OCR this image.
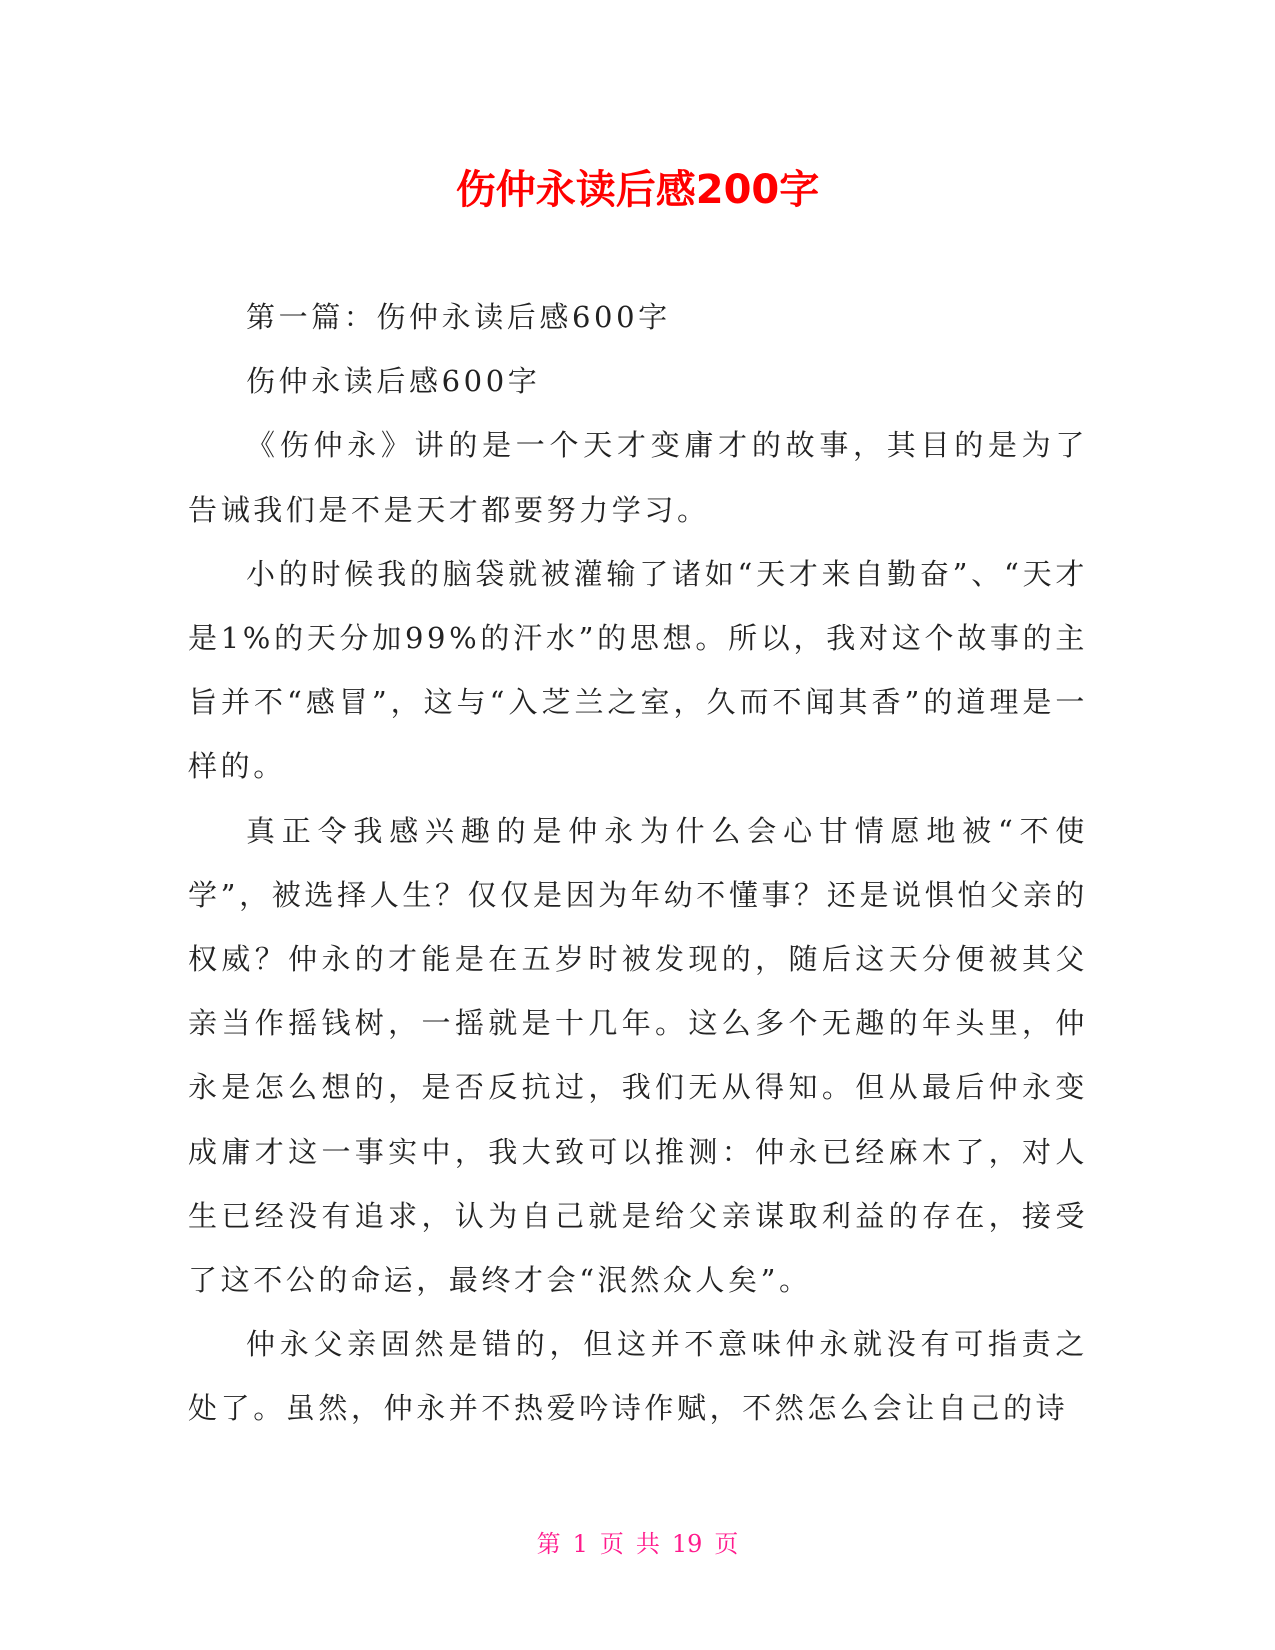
伤仲永读后感200字

第一篇：伤仲永读后感600字

伤仲永读后感600字

《伤仲永》讲的是一个天才变庸才的故事，其目的是为了告诫我们是不是天才都要努力学习。

小的时候我的脑袋就被灌输了诸如“天才来自勤奋”、“天才是1%的天分加99%的汗水”的思想。所以，我对这个故事的主旨并不“感冒”，这与“入芝兰之室，久而不闻其香”的道理是一样的。

真正令我感兴趣的是仲永为什么会心甘情愿地被“不使学”，被选择人生？仅仅是因为年幼不懂事？还是说惧怕父亲的权威？仲永的才能是在五岁时被发现的，随后这天分便被其父亲当作摇钱树，一摇就是十几年。这么多个无趣的年头里，仲永是怎么想的，是否反抗过，我们无从得知。但从最后仲永变成庸才这一事实中，我大致可以推测：仲永已经麻木了，对人生已经没有追求，认为自己就是给父亲谋取利益的存在，接受了这不公的命运，最终才会“泯然众人矣”。

仲永父亲固然是错的，但这并不意味仲永就没有可指责之处了。虽然，仲永并不热爱吟诗作赋，不然怎么会让自己的诗

第 1 页 共 19 页
